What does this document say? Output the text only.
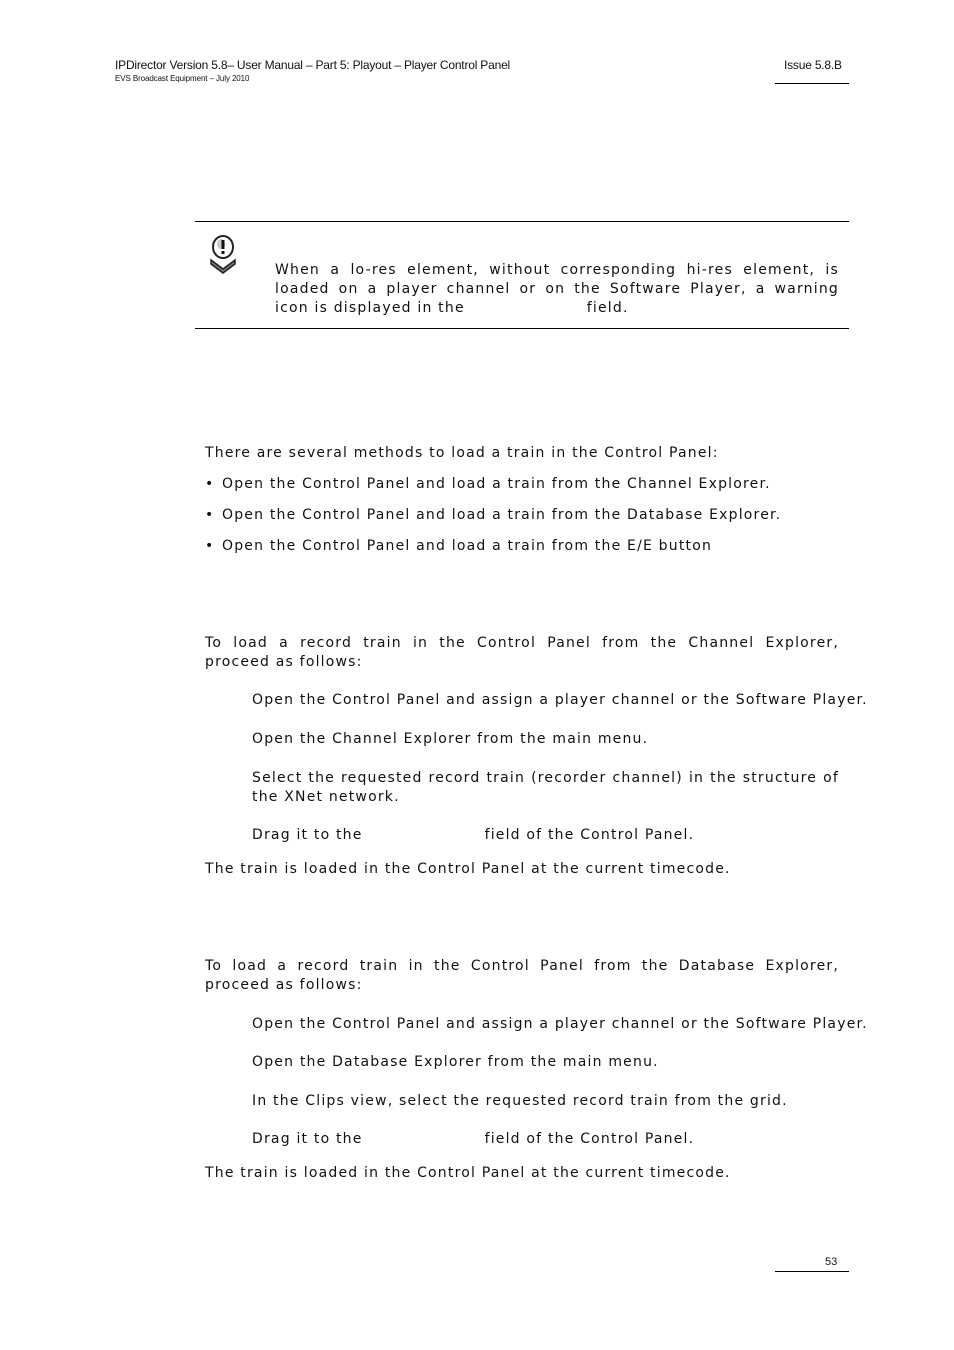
IPDirector Version 5.8– User Manual – Part 5: Playout – Player Control Panel
EVS Broadcast Equipment – July 2010
Issue 5.8.B
When a lo-res element, without corresponding hi-res element, is loaded on a player channel or on the Software Player, a warning icon is displayed in the	field.
There are several methods to load a train in the Control Panel:
• Open the Control Panel and load a train from the Channel Explorer.
• Open the Control Panel and load a train from the Database Explorer.
• Open the Control Panel and load a train from the E/E button
To load a record train in the Control Panel from the Channel Explorer, proceed as follows:
Open the Control Panel and assign a player channel or the Software Player.
Open the Channel Explorer from the main menu.
Select the requested record train (recorder channel) in the structure of the XNet network.
Drag it to the	field of the Control Panel.
The train is loaded in the Control Panel at the current timecode.
To load a record train in the Control Panel from the Database Explorer, proceed as follows:
Open the Control Panel and assign a player channel or the Software Player.
Open the Database Explorer from the main menu.
In the Clips view, select the requested record train from the grid.
Drag it to the	field of the Control Panel.
The train is loaded in the Control Panel at the current timecode.
53
